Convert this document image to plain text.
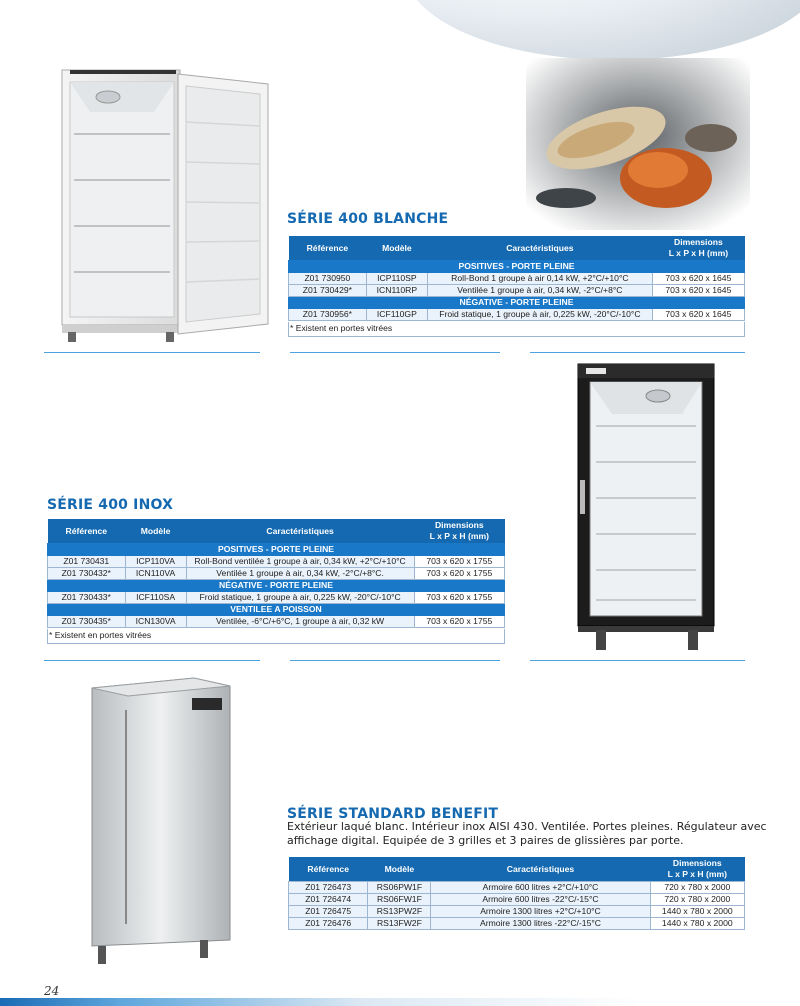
SÉRIE 400 BLANCHE
Référence	Modèle	Caractéristiques	Dimensions
L x P x H (mm)
POSITIVES - PORTE PLEINE			
Z01 730950	ICP110SP	Roll-Bond 1 groupe à air 0,14 kW, +2°C/+10°C	703 x 620 x 1645
Z01 730429*	ICN110RP	Ventilée 1 groupe à air, 0,34 kW, -2°C/+8°C	703 x 620 x 1645
NÉGATIVE - PORTE PLEINE			
Z01 730956*	ICF110GP	Froid statique, 1 groupe à air, 0,225 kW, -20°C/-10°C	703 x 620 x 1645
* Existent en portes vitrées
SÉRIE 400 INOX
Référence	Modèle	Caractéristiques	Dimensions
L x P x H (mm)
POSITIVES - PORTE PLEINE			
Z01 730431	ICP110VA	Roll-Bond ventilée 1 groupe à air, 0,34 kW, +2°C/+10°C	703 x 620 x 1755
Z01 730432*	ICN110VA	Ventilée 1 groupe à air, 0,34 kW, -2°C/+8°C.	703 x 620 x 1755
NÉGATIVE - PORTE PLEINE			
Z01 730433*	ICF110SA	Froid statique, 1 groupe à air, 0,225 kW, -20°C/-10°C	703 x 620 x 1755
VENTILEE A POISSON			
Z01 730435*	ICN130VA	Ventilée, -6°C/+6°C, 1 groupe à air, 0,32 kW	703 x 620 x 1755
* Existent en portes vitrées
SÉRIE STANDARD BENEFIT
Extérieur laqué blanc. Intérieur inox AISI 430. Ventilée. Portes pleines. Régulateur avec
affichage digital. Equipée de 3 grilles et 3 paires de glissières par porte.
Référence	Modèle	Caractéristiques	Dimensions
L x P x H (mm)
Z01 726473	RS06PW1F	Armoire 600 litres +2°C/+10°C	720 x 780 x 2000
Z01 726474	RS06FW1F	Armoire 600 litres -22°C/-15°C	720 x 780 x 2000
Z01 726475	RS13PW2F	Armoire 1300 litres +2°C/+10°C	1440 x 780 x 2000
Z01 726476	RS13FW2F	Armoire 1300 litres -22°C/-15°C	1440 x 780 x 2000
24
